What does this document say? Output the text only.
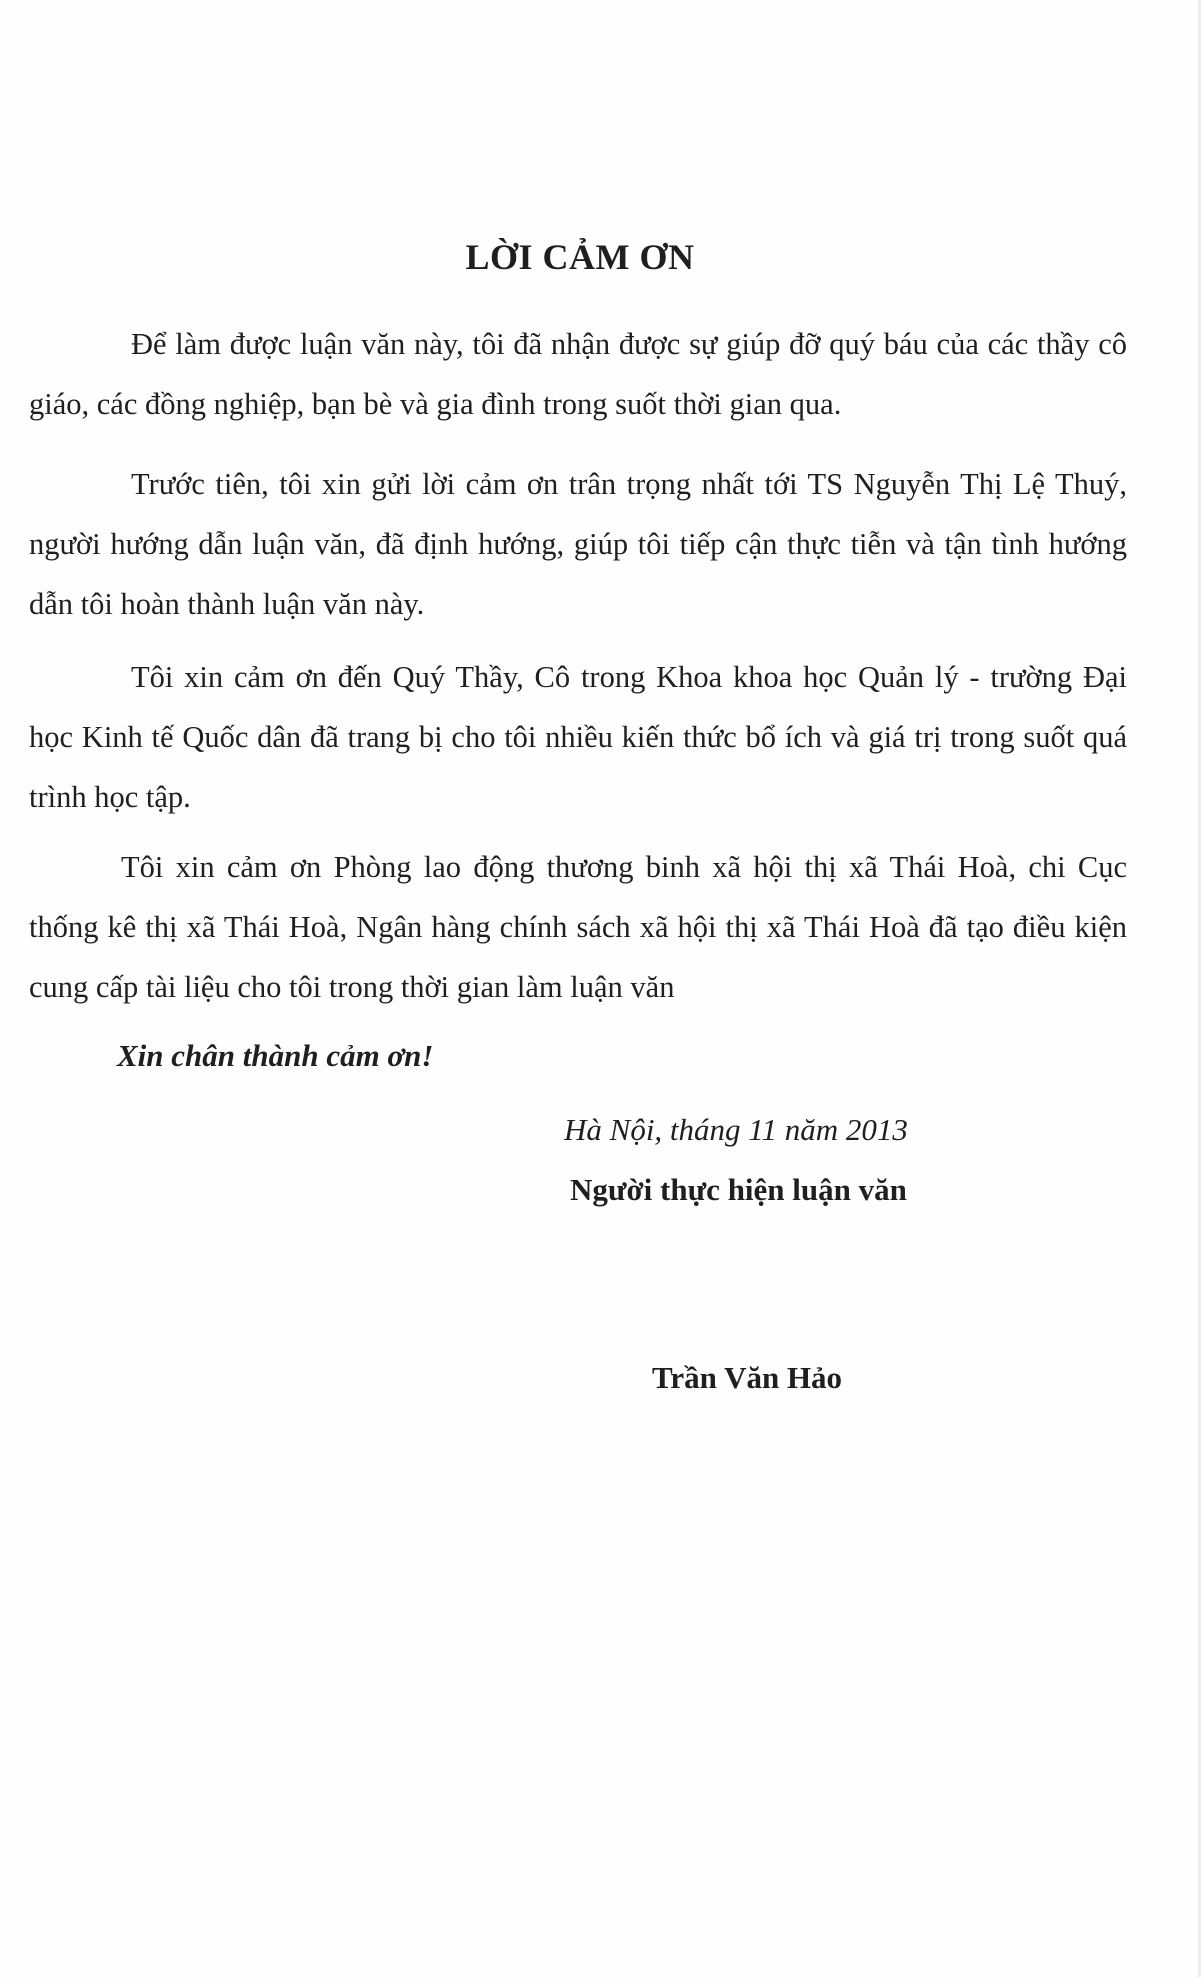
LỜI CẢM ƠN

Để làm được luận văn này, tôi đã nhận được sự giúp đỡ quý báu của các thầy cô giáo, các đồng nghiệp, bạn bè và gia đình trong suốt thời gian qua.

Trước tiên, tôi xin gửi lời cảm ơn trân trọng nhất tới TS Nguyễn Thị Lệ Thuý, người hướng dẫn luận văn, đã định hướng, giúp tôi tiếp cận thực tiễn và tận tình hướng dẫn tôi hoàn thành luận văn này.

Tôi xin cảm ơn đến Quý Thầy, Cô trong Khoa khoa học Quản lý - trường Đại học Kinh tế Quốc dân đã trang bị cho tôi nhiều kiến thức bổ ích và giá trị trong suốt quá trình học tập.

Tôi xin cảm ơn Phòng lao động thương binh xã hội thị xã Thái Hoà, chi Cục thống kê thị xã Thái Hoà, Ngân hàng chính sách xã hội thị xã Thái Hoà đã tạo điều kiện cung cấp tài liệu cho tôi trong thời gian làm luận văn

Xin chân thành cảm ơn!

Hà Nội, tháng 11 năm 2013

Người thực hiện luận văn

Trần Văn Hảo
